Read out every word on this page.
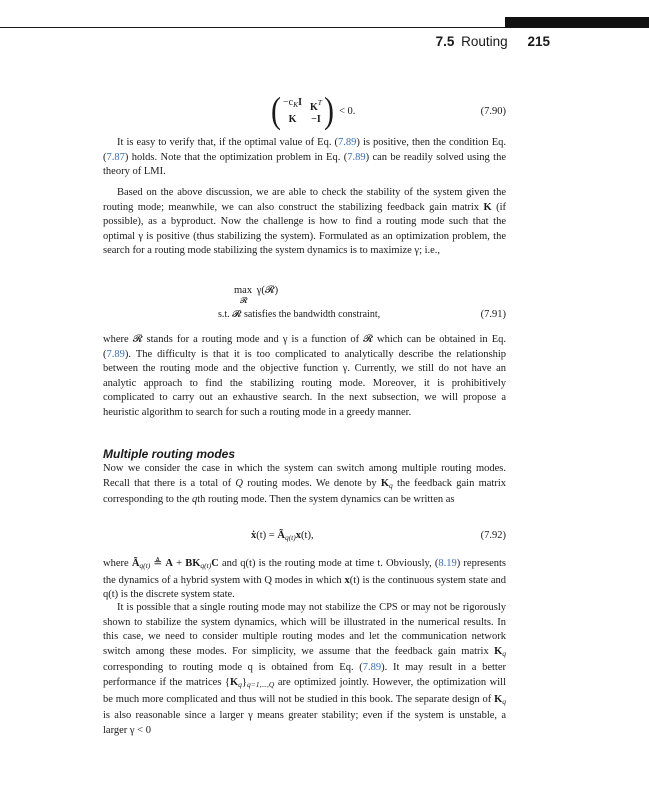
7.5 Routing 215
( $-c_KI$ $K^T$
K	−I ) < 0.	(7.90)

It is easy to verify that, if the optimal value of Eq. (7.89) is positive, then the condition Eq. (7.87) holds. Note that the optimization problem in Eq. (7.89) can be readily solved using the theory of LMI.

Based on the above discussion, we are able to check the stability of the system given the routing mode; meanwhile, we can also construct the stabilizing feedback gain matrix K (if possible), as a byproduct. Now the challenge is how to find a routing mode such that the optimal γ is positive (thus stabilizing the system). Formulated as an optimization problem, the search for a routing mode stabilizing the system dynamics is to maximize γ; i.e.,

max γ(𝓡)
𝓡
s.t. 𝓡 satisfies the bandwidth constraint,	(7.91)

where 𝓡 stands for a routing mode and γ is a function of 𝓡 which can be obtained in Eq. (7.89). The difficulty is that it is too complicated to analytically describe the relationship between the routing mode and the objective function γ. Currently, we still do not have an analytic approach to find the stabilizing routing mode. Moreover, it is prohibitively complicated to carry out an exhaustive search. In the next subsection, we will propose a heuristic algorithm to search for such a routing mode in a greedy manner.

Multiple routing modes

Now we consider the case in which the system can switch among multiple routing modes. Recall that there is a total of Q routing modes. We denote by $K_q$ the feedback gain matrix corresponding to the qth routing mode. Then the system dynamics can be written as

ẋ(t) = $Ã_{q(t)}x(t)$,	(7.92)

where $Ã_{q(t)}$ ≜ $A + BK_{q(t)}C$ and q(t) is the routing mode at time t. Obviously, (8.19) represents the dynamics of a hybrid system with Q modes in which x(t) is the continuous system state and q(t) is the discrete system state.

It is possible that a single routing mode may not stabilize the CPS or may not be rigorously shown to stabilize the system dynamics, which will be illustrated in the numerical results. In this case, we need to consider multiple routing modes and let the communication network switch among these modes. For simplicity, we assume that the feedback gain matrix $K_q$ corresponding to routing mode q is obtained from Eq. (7.89). It may result in a better performance if the matrices $\{K_q\}_{q=1,...,Q}$ are optimized jointly. However, the optimization will be much more complicated and thus will not be studied in this book. The separate design of $K_q$ is also reasonable since a larger γ means greater stability; even if the system is unstable, a larger γ < 0
